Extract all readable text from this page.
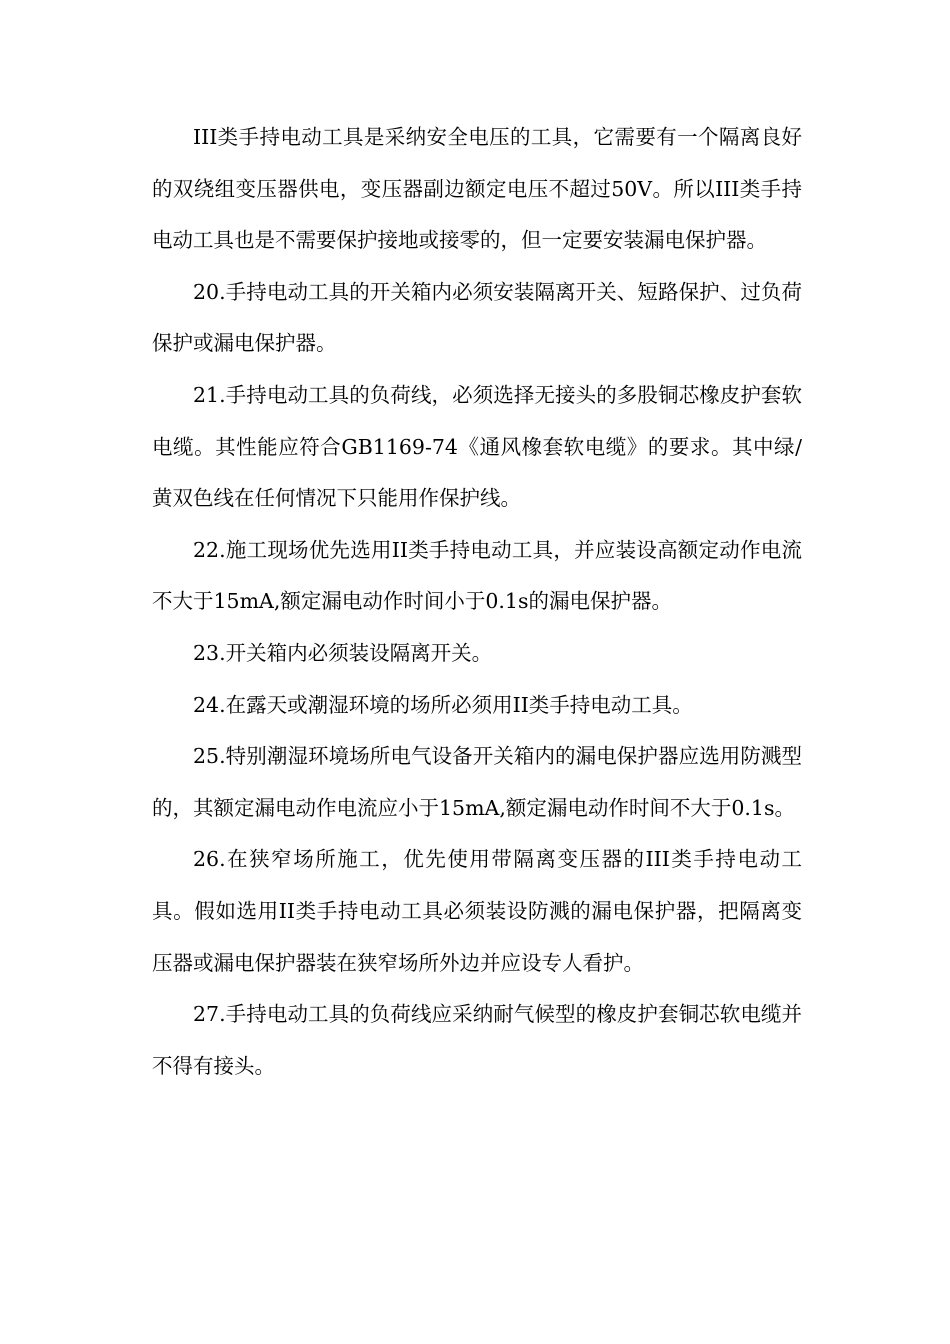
III类手持电动工具是采纳安全电压的工具，它需要有一个隔离良好的双绕组变压器供电，变压器副边额定电压不超过50V。所以III类手持电动工具也是不需要保护接地或接零的，但一定要安装漏电保护器。

20.手持电动工具的开关箱内必须安装隔离开关、短路保护、过负荷保护或漏电保护器。

21.手持电动工具的负荷线，必须选择无接头的多股铜芯橡皮护套软电缆。其性能应符合GB1169-74《通风橡套软电缆》的要求。其中绿/黄双色线在任何情况下只能用作保护线。

22.施工现场优先选用II类手持电动工具，并应装设高额定动作电流不大于15mA,额定漏电动作时间小于0.1s的漏电保护器。

23.开关箱内必须装设隔离开关。

24.在露天或潮湿环境的场所必须用II类手持电动工具。

25.特别潮湿环境场所电气设备开关箱内的漏电保护器应选用防溅型的，其额定漏电动作电流应小于15mA,额定漏电动作时间不大于0.1s。

26.在狭窄场所施工，优先使用带隔离变压器的III类手持电动工具。假如选用II类手持电动工具必须装设防溅的漏电保护器，把隔离变压器或漏电保护器装在狭窄场所外边并应设专人看护。

27.手持电动工具的负荷线应采纳耐气候型的橡皮护套铜芯软电缆并不得有接头。
